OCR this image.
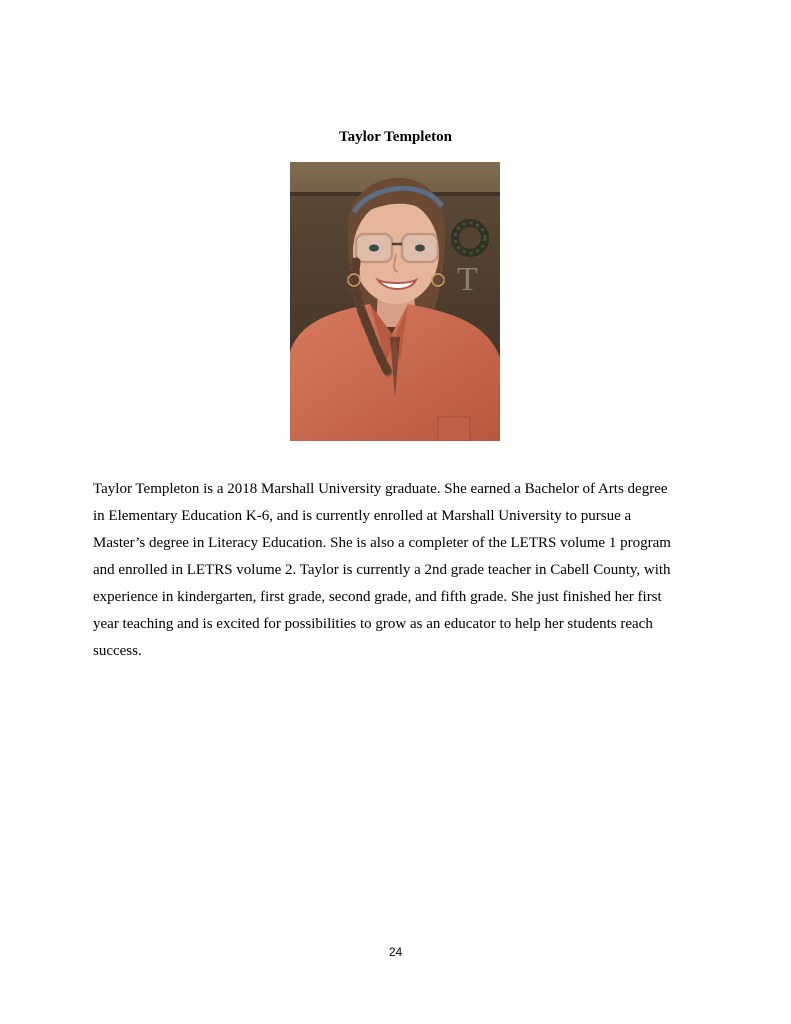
Taylor Templeton
T
Taylor Templeton is a 2018 Marshall University graduate. She earned a Bachelor of Arts degree
in Elementary Education K-6, and is currently enrolled at Marshall University to pursue a
Master’s degree in Literacy Education. She is also a completer of the LETRS volume 1 program
and enrolled in LETRS volume 2. Taylor is currently a 2nd grade teacher in Cabell County, with
experience in kindergarten, first grade, second grade, and fifth grade. She just finished her first
year teaching and is excited for possibilities to grow as an educator to help her students reach
success.
24
